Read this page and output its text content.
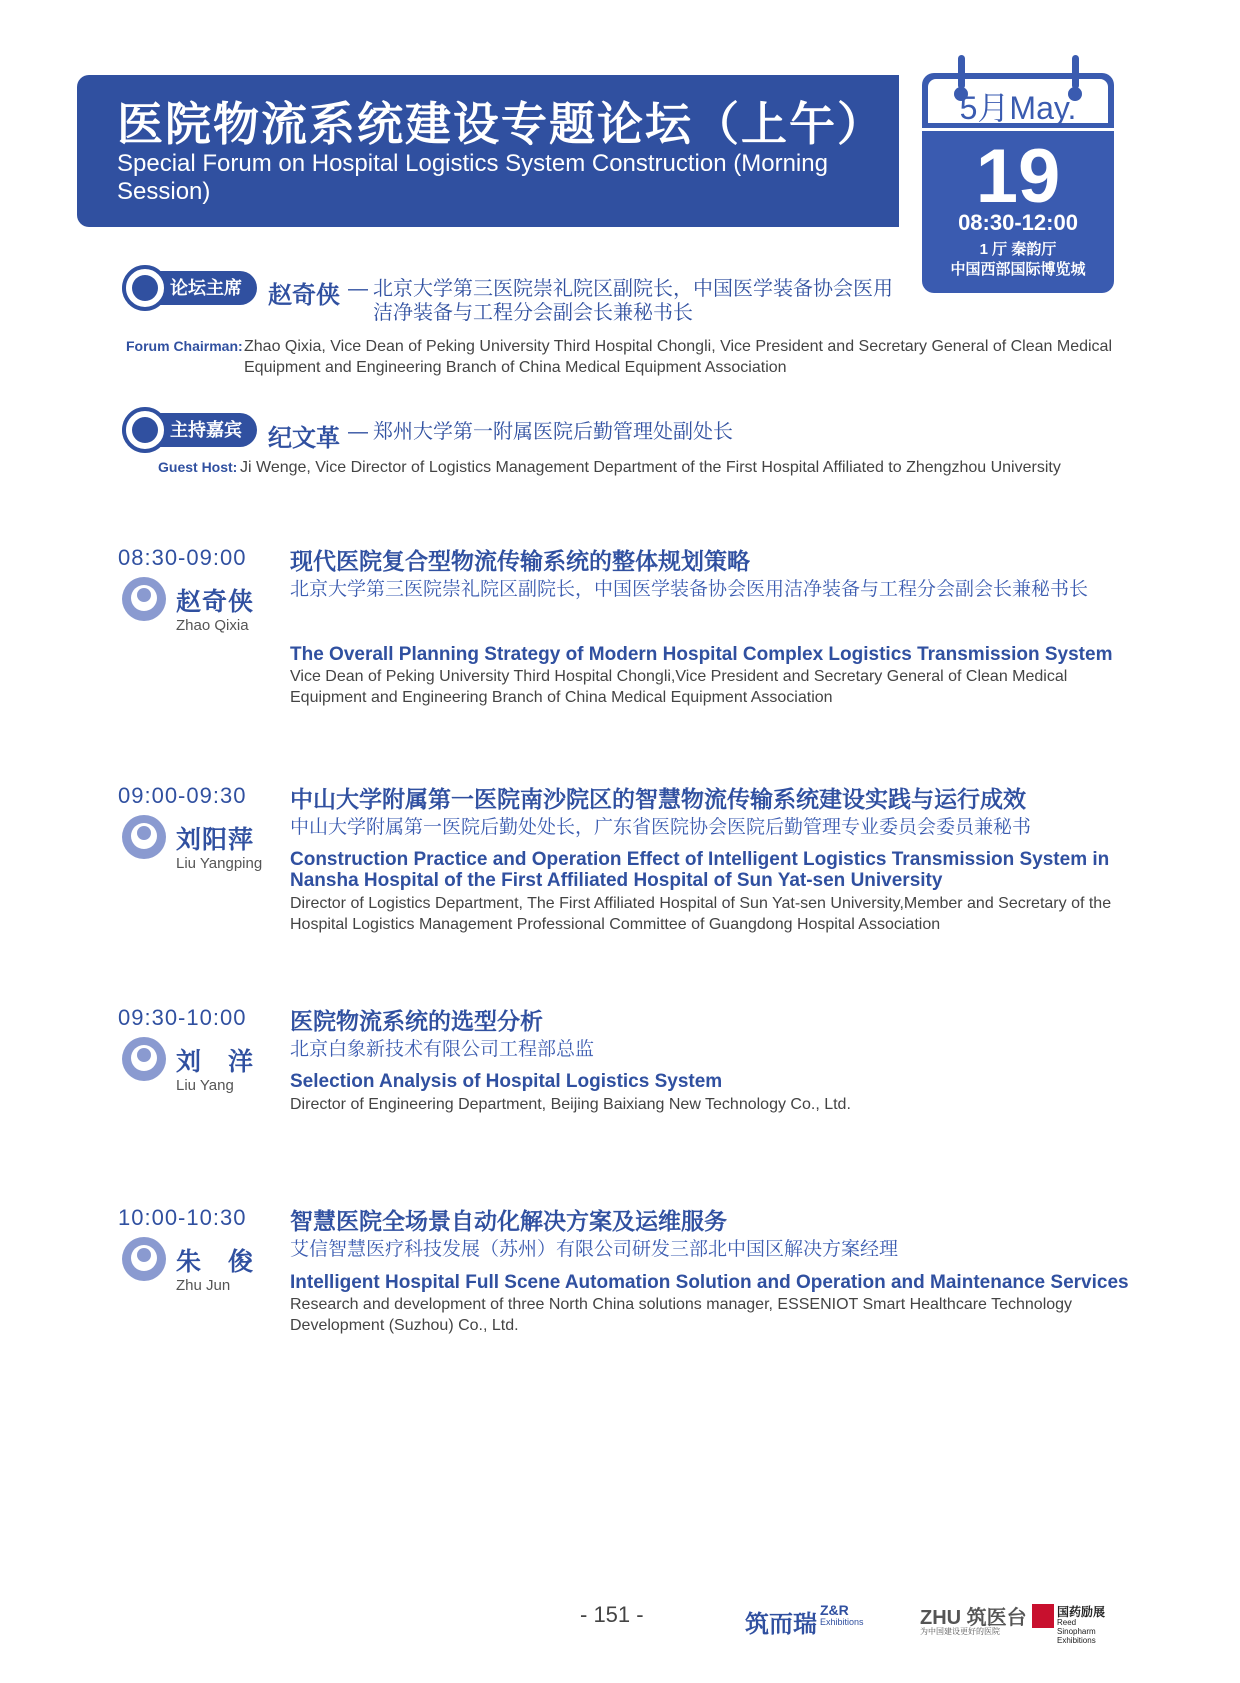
医院物流系统建设专题论坛（上午）
Special Forum on Hospital Logistics System Construction (Morning Session)
5月May.
19
08:30-12:00
1 厅 秦韵厅
中国西部国际博览城
论坛主席	赵奇侠 — 北京大学第三医院崇礼院区副院长，中国医学装备协会医用洁净装备与工程分会副会长兼秘书长
Forum Chairman: Zhao Qixia, Vice Dean of Peking University Third Hospital Chongli, Vice President and Secretary General of Clean Medical Equipment and Engineering Branch of China Medical Equipment Association
主持嘉宾	纪文革 — 郑州大学第一附属医院后勤管理处副处长
Guest Host: Ji Wenge, Vice Director of Logistics Management Department of the First Hospital Affiliated to Zhengzhou University
08:30-09:00
赵奇侠
Zhao Qixia
现代医院复合型物流传输系统的整体规划策略
北京大学第三医院崇礼院区副院长，中国医学装备协会医用洁净装备与工程分会副会长兼秘书长
The Overall Planning Strategy of Modern Hospital Complex Logistics Transmission System
Vice Dean of Peking University Third Hospital Chongli,Vice President and Secretary General of Clean Medical Equipment and Engineering Branch of China Medical Equipment Association
09:00-09:30
刘阳萍
Liu Yangping
中山大学附属第一医院南沙院区的智慧物流传输系统建设实践与运行成效
中山大学附属第一医院后勤处处长，广东省医院协会医院后勤管理专业委员会委员兼秘书
Construction Practice and Operation Effect of Intelligent Logistics Transmission System in Nansha Hospital of the First Affiliated Hospital of Sun Yat-sen University
Director of Logistics Department, The First Affiliated Hospital of Sun Yat-sen University,Member and Secretary of the Hospital Logistics Management Professional Committee of Guangdong Hospital Association
09:30-10:00
刘　洋
Liu Yang
医院物流系统的选型分析
北京白象新技术有限公司工程部总监
Selection Analysis of Hospital Logistics System
Director of Engineering Department, Beijing Baixiang New Technology Co., Ltd.
10:00-10:30
朱　俊
Zhu Jun
智慧医院全场景自动化解决方案及运维服务
艾信智慧医疗科技发展（苏州）有限公司研发三部北中国区解决方案经理
Intelligent Hospital Full Scene Automation Solution and Operation and Maintenance Services
Research and development of three North China solutions manager, ESSENIOT Smart Healthcare Technology Development (Suzhou) Co., Ltd.
- 151 -	筑而瑞
Z&R
Exhibitions	ZHU 筑医台
为中国建设更好的医院
国药励展
Reed Sinopharm Exhibitions
